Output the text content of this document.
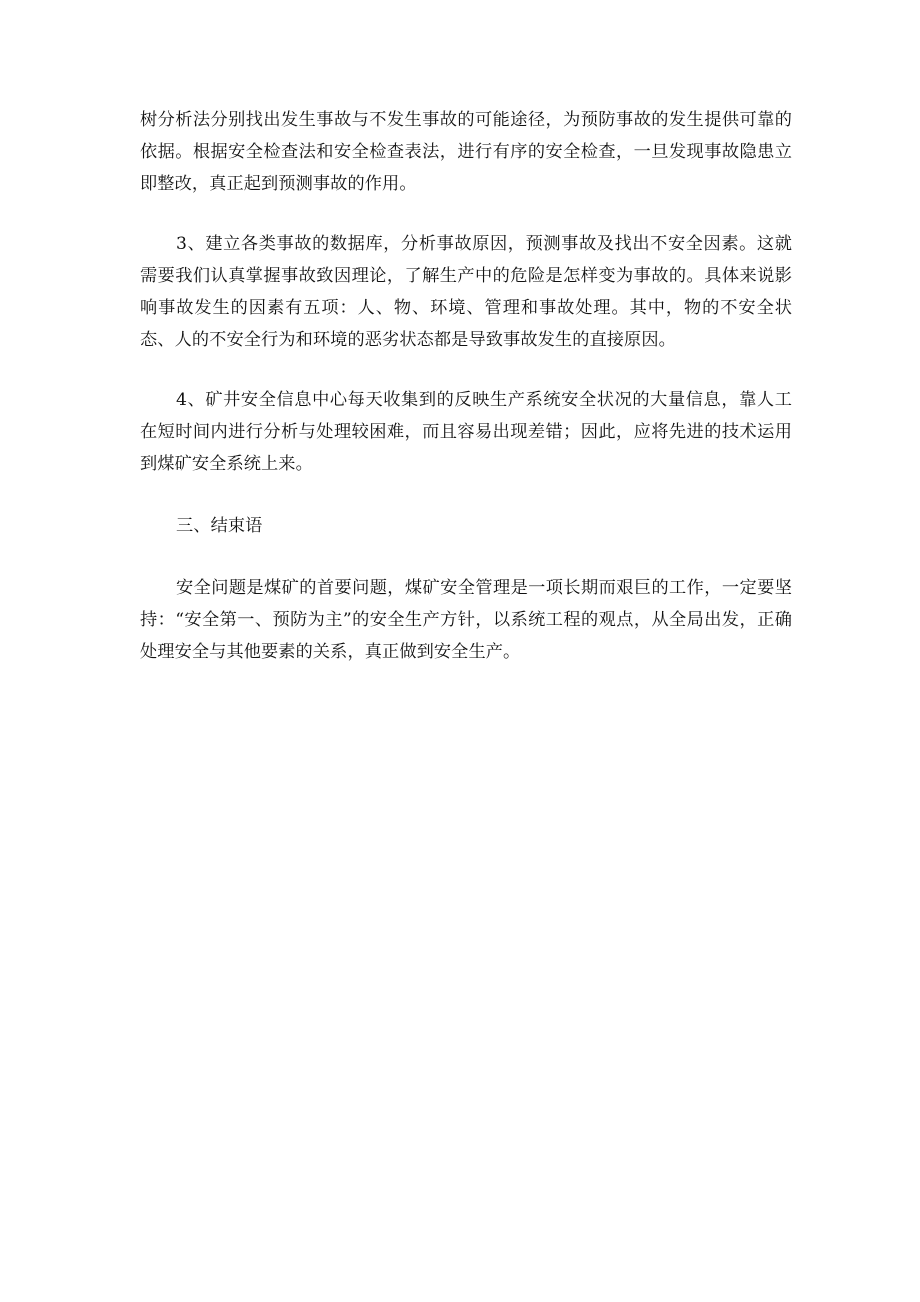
树分析法分别找出发生事故与不发生事故的可能途径，为预防事故的发生提供可靠的依据。根据安全检查法和安全检查表法，进行有序的安全检查，一旦发现事故隐患立即整改，真正起到预测事故的作用。

3、建立各类事故的数据库，分析事故原因，预测事故及找出不安全因素。这就需要我们认真掌握事故致因理论，了解生产中的危险是怎样变为事故的。具体来说影响事故发生的因素有五项：人、物、环境、管理和事故处理。其中，物的不安全状态、人的不安全行为和环境的恶劣状态都是导致事故发生的直接原因。

4、矿井安全信息中心每天收集到的反映生产系统安全状况的大量信息，靠人工在短时间内进行分析与处理较困难，而且容易出现差错；因此，应将先进的技术运用到煤矿安全系统上来。

三、结束语

安全问题是煤矿的首要问题，煤矿安全管理是一项长期而艰巨的工作，一定要坚持：“安全第一、预防为主”的安全生产方针，以系统工程的观点，从全局出发，正确处理安全与其他要素的关系，真正做到安全生产。
